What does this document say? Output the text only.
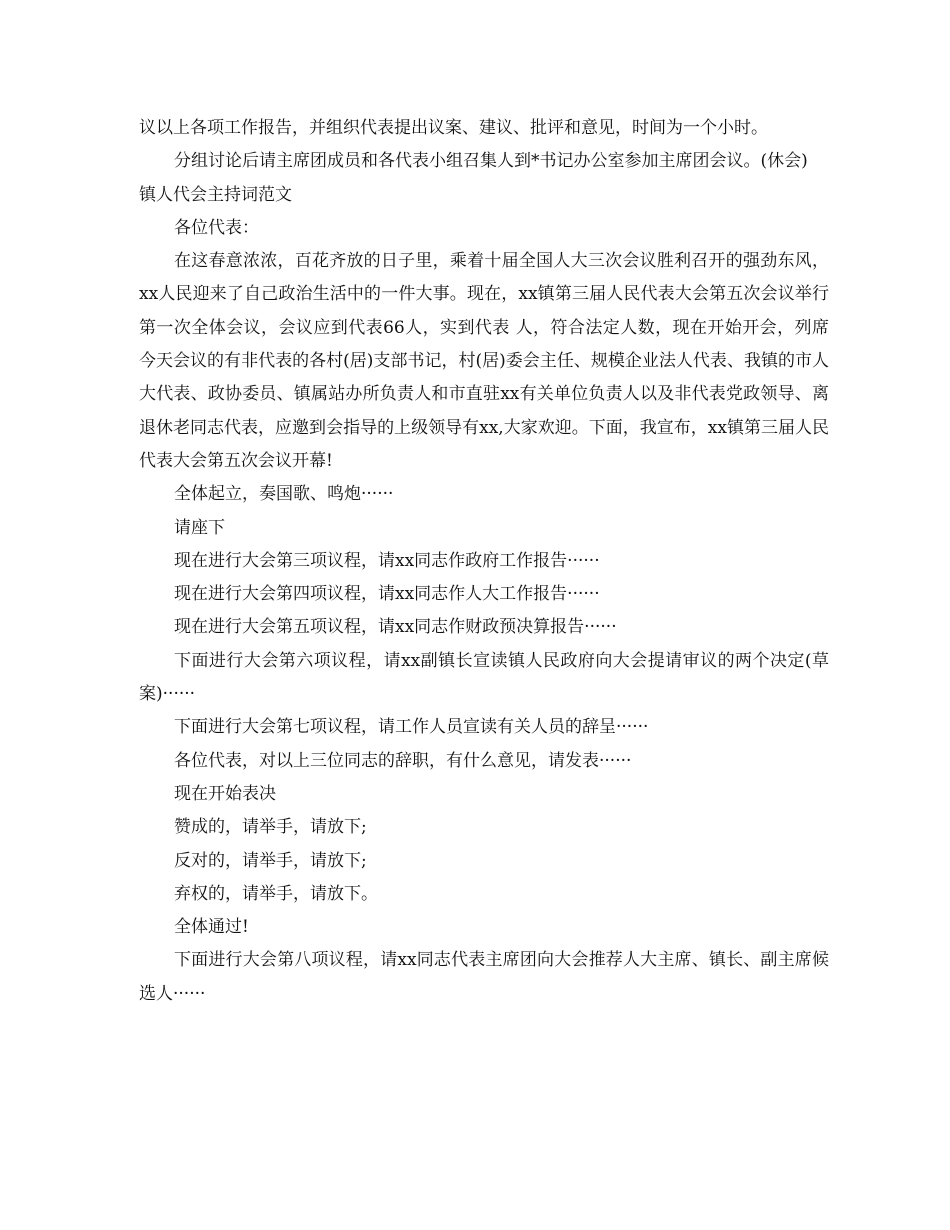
议以上各项工作报告，并组织代表提出议案、建议、批评和意见，时间为一个小时。

分组讨论后请主席团成员和各代表小组召集人到*书记办公室参加主席团会议。(休会)

镇人代会主持词范文

各位代表：

在这春意浓浓，百花齐放的日子里，乘着十届全国人大三次会议胜利召开的强劲东风，xx人民迎来了自己政治生活中的一件大事。现在，xx镇第三届人民代表大会第五次会议举行第一次全体会议，会议应到代表66人，实到代表 人，符合法定人数，现在开始开会，列席今天会议的有非代表的各村(居)支部书记，村(居)委会主任、规模企业法人代表、我镇的市人大代表、政协委员、镇属站办所负责人和市直驻xx有关单位负责人以及非代表党政领导、离退休老同志代表，应邀到会指导的上级领导有xx,大家欢迎。下面，我宣布，xx镇第三届人民代表大会第五次会议开幕!

全体起立，奏国歌、鸣炮······

请座下

现在进行大会第三项议程，请xx同志作政府工作报告······

现在进行大会第四项议程，请xx同志作人大工作报告······

现在进行大会第五项议程，请xx同志作财政预决算报告······

下面进行大会第六项议程，请xx副镇长宣读镇人民政府向大会提请审议的两个决定(草案)······

下面进行大会第七项议程，请工作人员宣读有关人员的辞呈······

各位代表，对以上三位同志的辞职，有什么意见，请发表······

现在开始表决

赞成的，请举手，请放下;

反对的，请举手，请放下;

弃权的，请举手，请放下。

全体通过!

下面进行大会第八项议程，请xx同志代表主席团向大会推荐人大主席、镇长、副主席候选人······
